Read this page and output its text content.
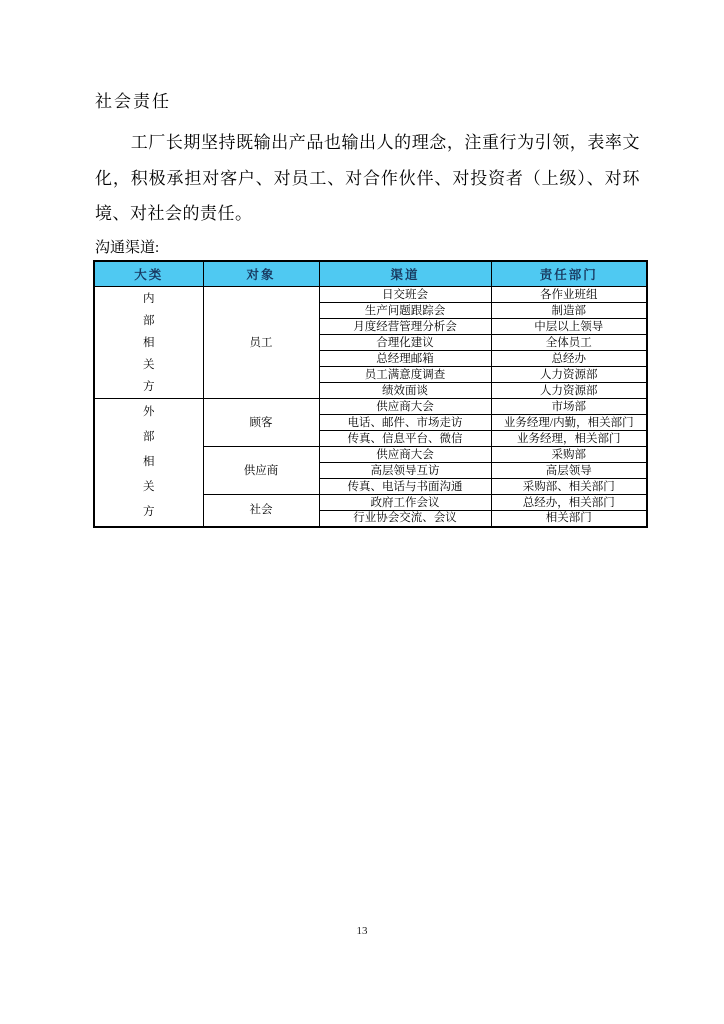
社会责任

工厂长期坚持既输出产品也输出人的理念，注重行为引领，表率文化，积极承担对客户、对员工、对合作伙伴、对投资者（上级）、对环境、对社会的责任。

沟通渠道:
大类	对象	渠道	责任部门
内部相关方	员工	日交班会	各作业班组
		生产问题跟踪会	制造部
		月度经营管理分析会	中层以上领导
		合理化建议	全体员工
		总经理邮箱	总经办
		员工满意度调查	人力资源部
		绩效面谈	人力资源部
外部相关方	顾客	供应商大会	市场部
		电话、邮件、市场走访	业务经理/内勤，相关部门
		传真、信息平台、微信	业务经理，相关部门
	供应商	供应商大会	采购部
		高层领导互访	高层领导
		传真、电话与书面沟通	采购部、相关部门
	社会	政府工作会议	总经办，相关部门
		行业协会交流、会议	相关部门
13
